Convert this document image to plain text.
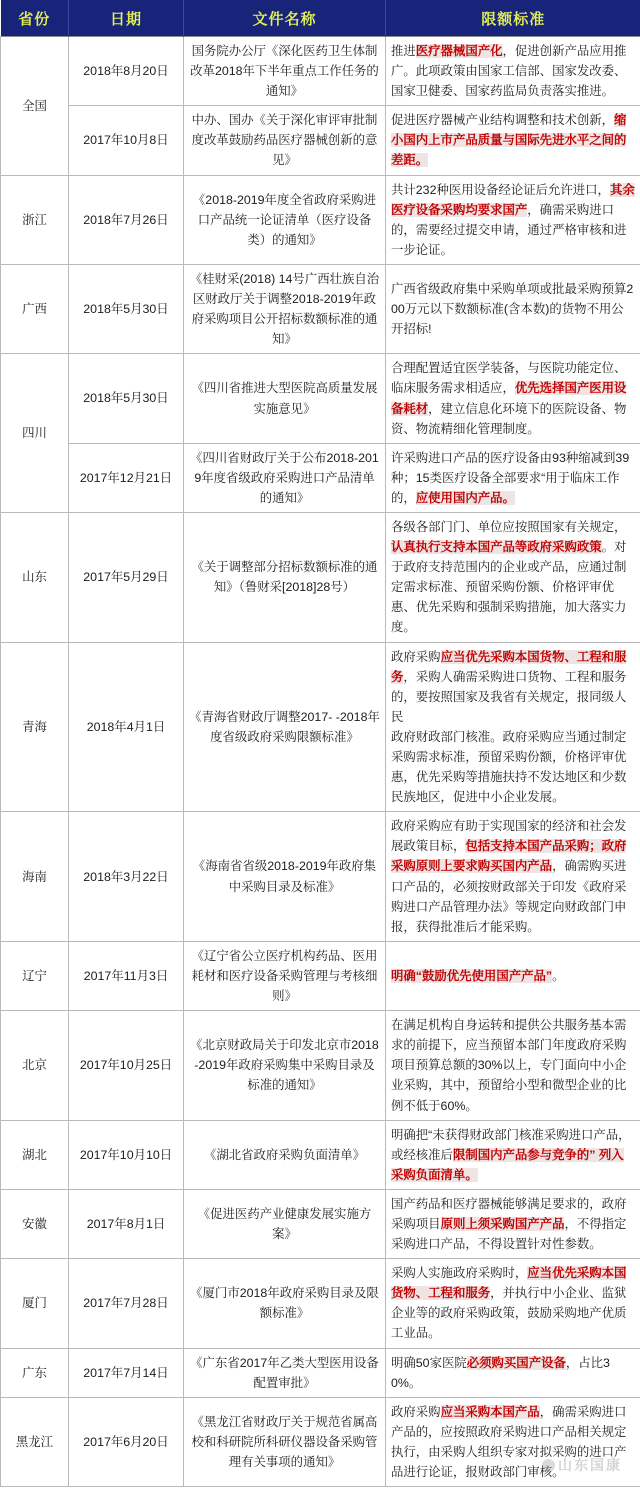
省份	日期	文件名称	限额标准
全国	2018年8月20日	国务院办公厅《深化医药卫生体制改革2018年下半年重点工作任务的通知》	推进医疗器械国产化，促进创新产品应用推广。此项政策由国家工信部、国家发改委、国家卫健委、国家药监局负责落实推进。
	2017年10月8日	中办、国办《关于深化审评审批制度改革鼓励药品医疗器械创新的意见》	促进医疗器械产业结构调整和技术创新，缩小国内上市产品质量与国际先进水平之间的差距。
浙江	2018年7月26日	《2018-2019年度全省政府采购进口产品统一论证清单（医疗设备类）的通知》	共计232种医用设备经论证后允许进口，其余医疗设备采购均要求国产，确需采购进口的，需要经过提交申请，通过严格审核和进一步论证。
广西	2018年5月30日	《桂财采(2018) 14号广西壮族自治区财政厅关于调整2018-2019年政府采购项目公开招标数额标准的通知》	广西省级政府集中采购单项或批最采购预算200万元以下数额标准(含本数)的货物不用公开招标!
四川	2018年5月30日	《四川省推进大型医院高质量发展实施意见》	合理配置适宜医学装备，与医院功能定位、临床服务需求相适应，优先选择国产医用设备耗材，建立信息化环境下的医院设备、物资、物流精细化管理制度。
	2017年12月21日	《四川省财政厅关于公布2018-2019年度省级政府采购进口产品清单的通知》	许采购进口产品的医疗设备由93种缩减到39种；15类医疗设备全部要求“用于临床工作的，应使用国内产品。
山东	2017年5月29日	《关于调整部分招标数额标准的通知》（鲁财采[2018]28号）	各级各部门门、单位应按照国家有关规定，认真执行支持本国产品等政府采购政策。对于政府支持范围内的企业或产品，应通过制定需求标准、预留采购份额、价格评审优惠、优先采购和强制采购措施，加大落实力度。
青海	2018年4月1日	《青海省财政厅调整2017- -2018年度省级政府采购限额标准》	政府采购应当优先采购本国货物、工程和服务，采购人确需采购进口货物、工程和服务的，要按照国家及我省有关规定，报同级人民
政府财政部门核准。政府采购应当通过制定采购需求标准，预留采购份额，价格评审优惠，优先采购等措施扶持不发达地区和少数民族地区，促进中小企业发展。
海南	2018年3月22日	《海南省省级2018-2019年政府集中采购目录及标准》	政府采购应有助于实现国家的经济和社会发展政策目标，包括支持本国产品采购；政府采购原则上要求购买国内产品，确需购买进口产品的，必须按财政部关于印发《政府采购进口产品管理办法》等规定向财政部门申报，获得批准后才能采购。
辽宁	2017年11月3日	《辽宁省公立医疗机构药品、医用耗材和医疗设备采购管理与考核细则》	明确“鼓励优先使用国产产品”。
北京	2017年10月25日	《北京财政局关于印发北京市2018-2019年政府采购集中采购目录及标准的通知》	在满足机构自身运转和提供公共服务基本需求的前提下，应当预留本部门年度政府采购项目预算总额的30%以上，专门面向中小企业采购，其中，预留给小型和微型企业的比例不低于60%。
湖北	2017年10月10日	《湖北省政府采购负面清单》	明确把“未获得财政部门核准采购进口产品，
或经核准后限制国内产品参与竞争的” 列入采购负面清单。
安徽	2017年8月1日	《促进医药产业健康发展实施方案》	国产药品和医疗器械能够满足要求的，政府采购项目原则上须采购国产产品，不得指定
采购进口产品，不得设置针对性参数。
厦门	2017年7月28日	《厦门市2018年政府采购目录及限额标准》	采购人实施政府采购时，应当优先采购本国货物、工程和服务，并执行中小企业、监狱企业等的政府采购政策，鼓励采购地产优质
工业品。
广东	2017年7月14日	《广东省2017年乙类大型医用设备配置审批》	明确50家医院必须购买国产设备，占比30%。
黑龙江	2017年6月20日	《黑龙江省财政厅关于规范省属高校和科研院所科研仪器设备采购管理有关事项的通知》	政府采购应当采购本国产品，确需采购进口产品的，应按照政府采购进口产品相关规定执行，由采购人组织专家对拟采购的进口产品进行论证，报财政部门审核。
山东国康
